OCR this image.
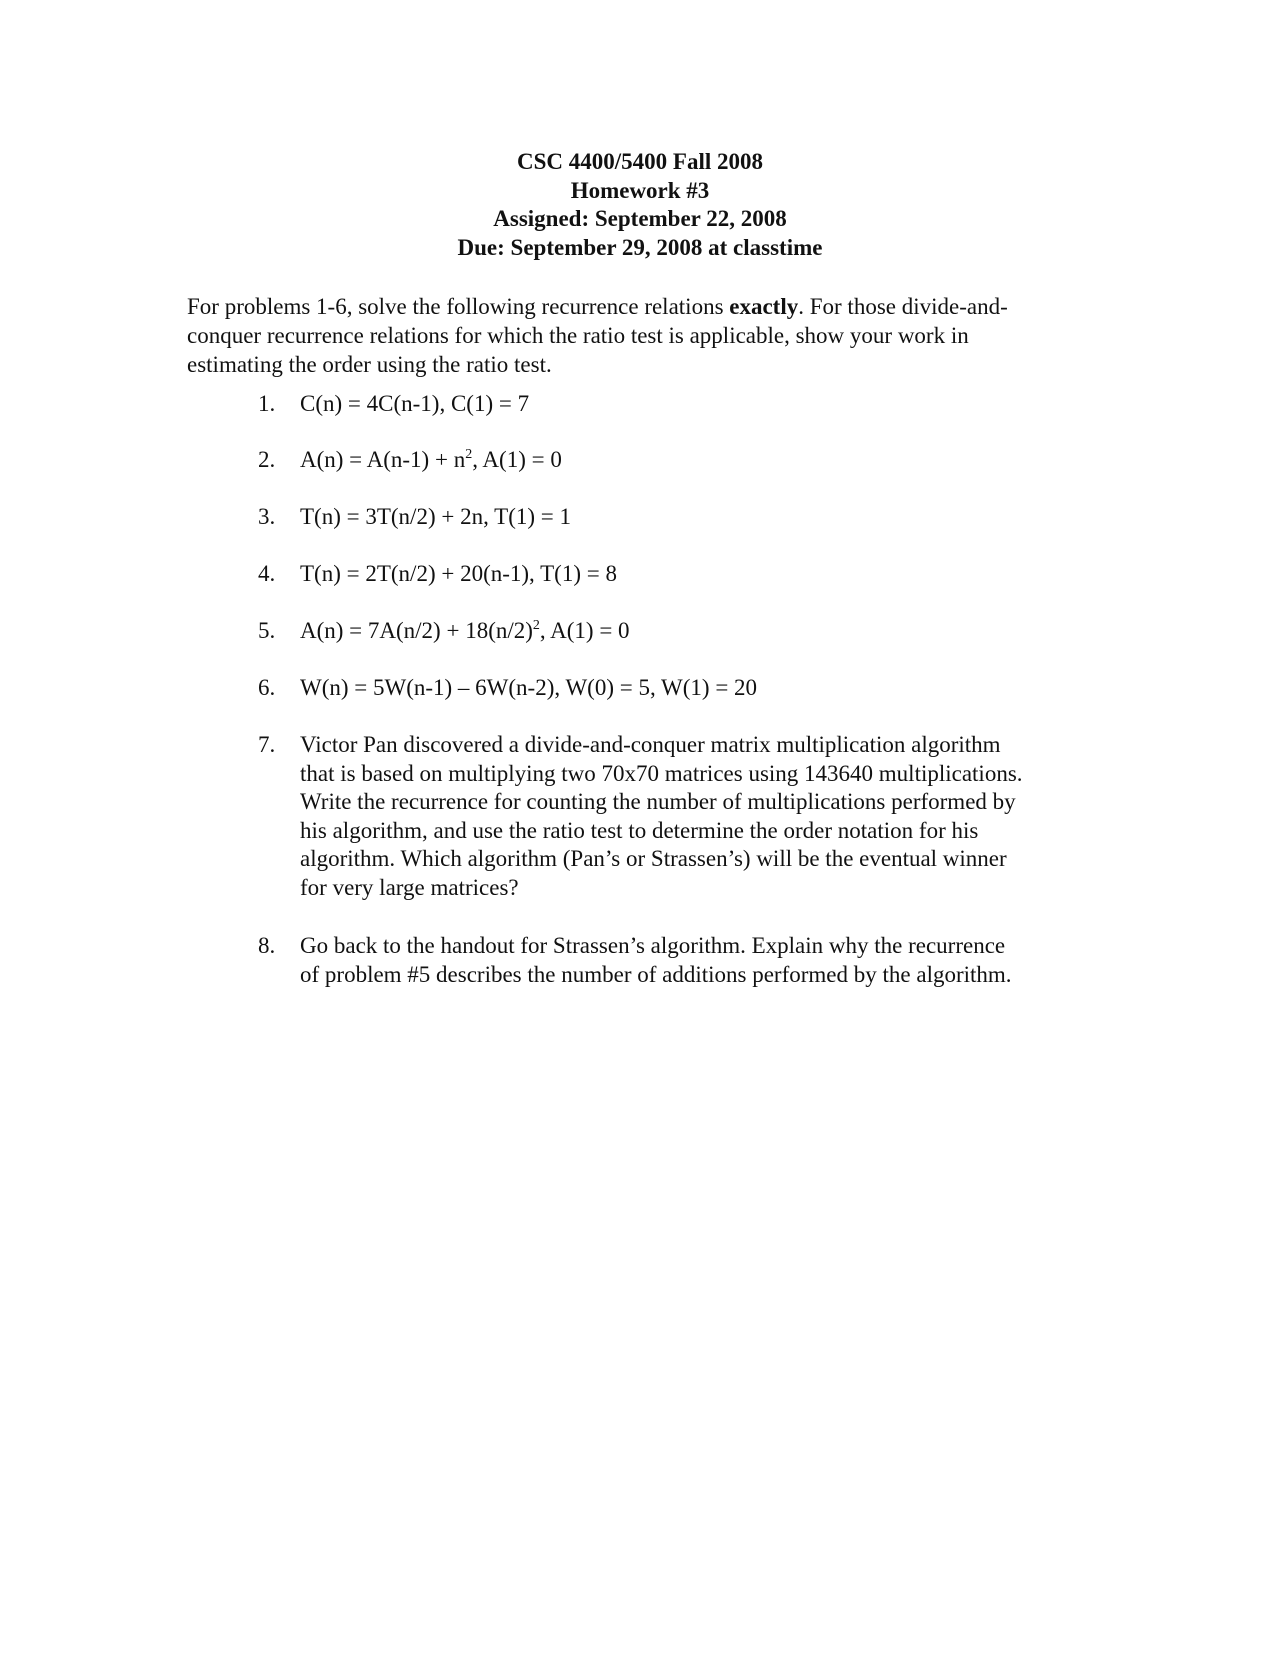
CSC 4400/5400 Fall 2008
Homework #3
Assigned: September 22, 2008
Due: September 29, 2008 at classtime
For problems 1-6, solve the following recurrence relations exactly. For those divide-and-
conquer recurrence relations for which the ratio test is applicable, show your work in
estimating the order using the ratio test.
1.	C(n) = 4C(n-1), C(1) = 7
2.	$A(n) = A(n-1) + n^2$, A(1) = 0
3.	T(n) = 3T(n/2) + 2n, T(1) = 1
4.	T(n) = 2T(n/2) + 20(n-1), T(1) = 8
5.	$A(n) = 7A(n/2) + 18(n/2)^2$, A(1) = 0
6.	W(n) = 5W(n-1) – 6W(n-2), W(0) = 5, W(1) = 20
7.	Victor Pan discovered a divide-and-conquer matrix multiplication algorithm
that is based on multiplying two 70x70 matrices using 143640 multiplications.
Write the recurrence for counting the number of multiplications performed by
his algorithm, and use the ratio test to determine the order notation for his
algorithm. Which algorithm (Pan’s or Strassen’s) will be the eventual winner
for very large matrices?
8.	Go back to the handout for Strassen’s algorithm. Explain why the recurrence
of problem #5 describes the number of additions performed by the algorithm.
